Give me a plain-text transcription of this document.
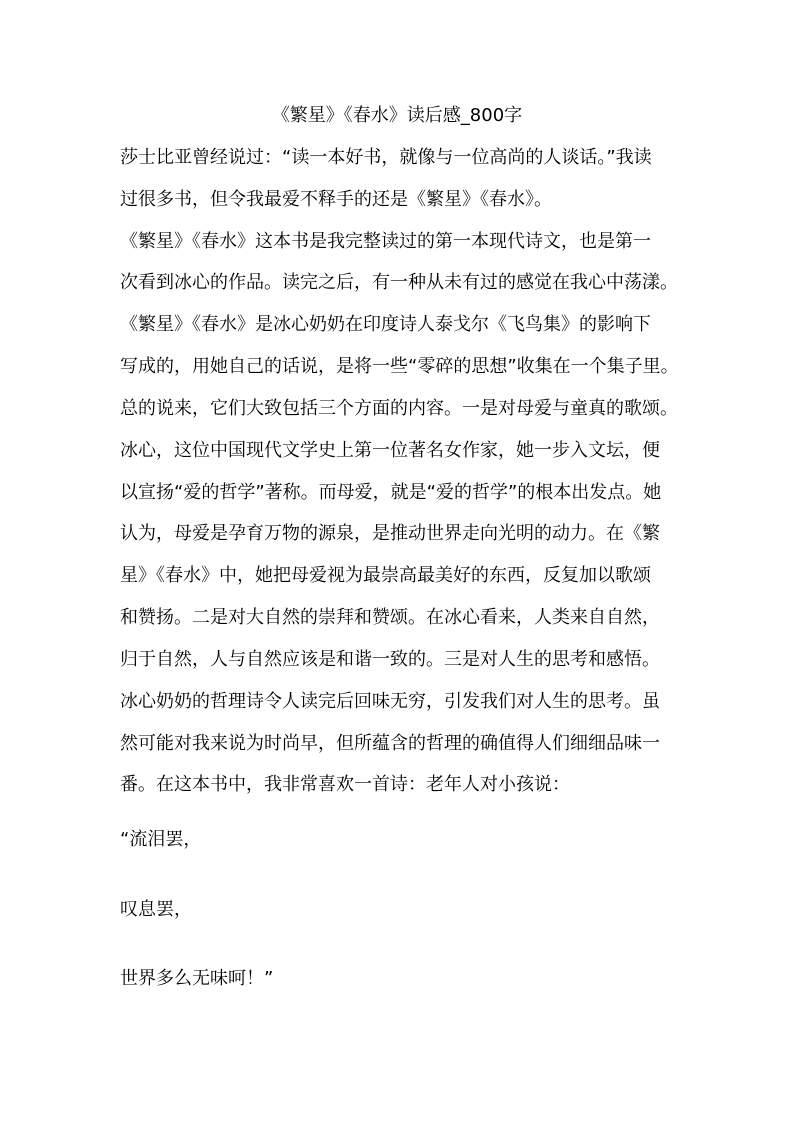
《繁星》《春水》读后感_800字
莎士比亚曾经说过：“读一本好书，就像与一位高尚的人谈话。”我读
过很多书，但令我最爱不释手的还是《繁星》《春水》。
《繁星》《春水》这本书是我完整读过的第一本现代诗文，也是第一
次看到冰心的作品。读完之后，有一种从未有过的感觉在我心中荡漾。
《繁星》《春水》是冰心奶奶在印度诗人泰戈尔《飞鸟集》的影响下
写成的，用她自己的话说，是将一些“零碎的思想”收集在一个集子里。
总的说来，它们大致包括三个方面的内容。一是对母爱与童真的歌颂。
冰心，这位中国现代文学史上第一位著名女作家，她一步入文坛，便
以宣扬“爱的哲学”著称。而母爱，就是“爱的哲学”的根本出发点。她
认为，母爱是孕育万物的源泉，是推动世界走向光明的动力。在《繁
星》《春水》中，她把母爱视为最崇高最美好的东西，反复加以歌颂
和赞扬。二是对大自然的崇拜和赞颂。在冰心看来，人类来自自然，
归于自然，人与自然应该是和谐一致的。三是对人生的思考和感悟。
冰心奶奶的哲理诗令人读完后回味无穷，引发我们对人生的思考。虽
然可能对我来说为时尚早，但所蕴含的哲理的确值得人们细细品味一
番。在这本书中，我非常喜欢一首诗：老年人对小孩说：
“流泪罢，
叹息罢，
世界多么无味呵！”
